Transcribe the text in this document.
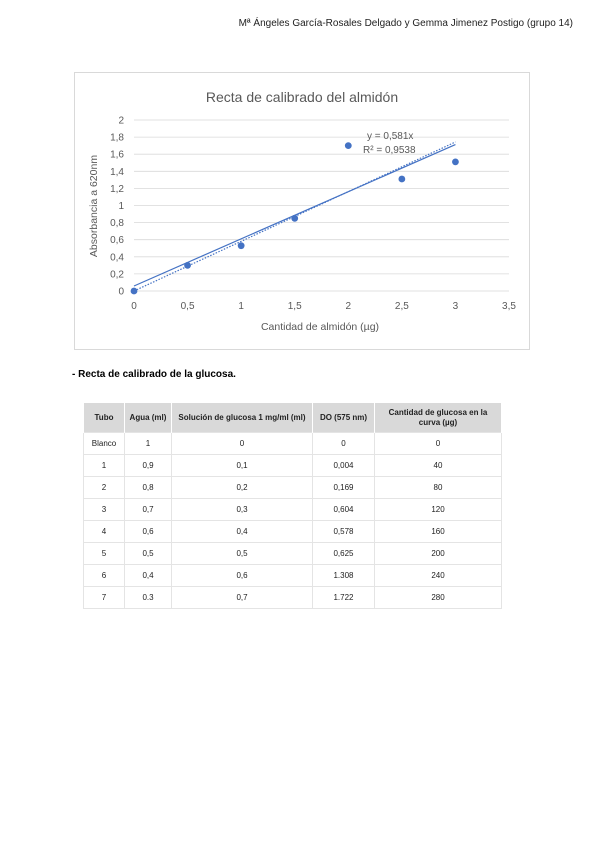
Mª Ángeles García-Rosales Delgado y Gemma Jimenez Postigo (grupo 14)
0
0,2
0,4
0,6
0,8
1
1,2
1,4
1,6
1,8
2
0	0,5	1	1,5	2	2,5	3	3,5
Recta de calibrado del almidón
Cantidad de almidón (µg)
Absorbancia a 620nm
y = 0,581x
R² = 0,9538
- Recta de calibrado de la glucosa.
Tubo	Agua (ml)	Solución de glucosa 1 mg/ml (ml)	DO (575 nm)	Cantidad de glucosa en la curva (µg)
Blanco	1	0	0	0
1	0,9	0,1	0,004	40
2	0,8	0,2	0,169	80
3	0,7	0,3	0,604	120
4	0,6	0,4	0,578	160
5	0,5	0,5	0,625	200
6	0,4	0,6	1.308	240
7	0.3	0,7	1.722	280
